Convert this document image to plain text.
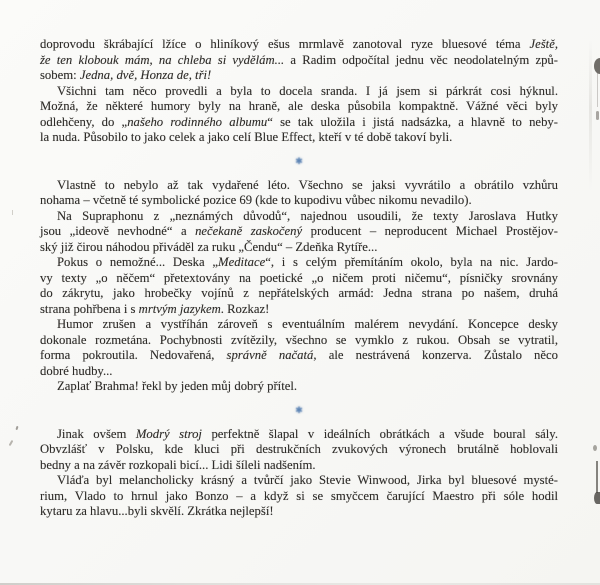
doprovodu škrábající lžíce o hliníkový ešus mrmlavě zanotoval ryze bluesové téma Ještě,
že ten klobouk mám, na chleba si vydělám... a Radim odpočítal jednu věc neodolatelným způ-
sobem: Jedna, dvě, Honza de, tři!

Všichni tam něco provedli a byla to docela sranda. I já jsem si párkrát cosi hýknul.
Možná, že některé humory byly na hraně, ale deska působila kompaktně. Vážné věci byly
odlehčeny, do „našeho rodinného albumu“ se tak uložila i jistá nadsázka, a hlavně to neby-
la nuda. Působilo to jako celek a jako celí Blue Effect, kteří v té době takoví byli.

✱

Vlastně to nebylo až tak vydařené léto. Všechno se jaksi vyvrátilo a obrátilo vzhůru
nohama – včetně té symbolické pozice 69 (kde to kupodivu vůbec nikomu nevadilo).

Na Supraphonu z „neznámých důvodů“, najednou usoudili, že texty Jaroslava Hutky
jsou „ideově nevhodné“ a nečekaně zaskočený producent – neproducent Michael Prostějov-
ský již čirou náhodou přiváděl za ruku „Čendu“ – Zdeňka Rytíře...

Pokus o nemožné... Deska „Meditace“, i s celým přemítáním okolo, byla na nic. Jardo-
vy texty „o něčem“ přetextovány na poetické „o ničem proti ničemu“, písničky srovnány
do zákrytu, jako hrobečky vojínů z nepřátelských armád: Jedna strana po našem, druhá
strana pohřbena i s mrtvým jazykem. Rozkaz!

Humor zrušen a vystříhán zároveň s eventuálním malérem nevydání. Koncepce desky
dokonale rozmetána. Pochybnosti zvítězily, všechno se vymklo z rukou. Obsah se vytratil,
forma pokroutila. Nedovařená, správně načatá, ale nestrávená konzerva. Zůstalo něco
dobré hudby...

Zaplať Brahma! řekl by jeden můj dobrý přítel.

✱

Jinak ovšem Modrý stroj perfektně šlapal v ideálních obrátkách a všude boural sály.
Obvzlášť v Polsku, kde kluci při destrukčních zvukových výronech brutálně hoblovali
bedny a na závěr rozkopali bicí... Lidi šíleli nadšením.

Vláďa byl melancholicky krásný a tvůrčí jako Stevie Winwood, Jirka byl bluesové mysté-
rium, Vlado to hrnul jako Bonzo – a když si se smyčcem čarující Maestro při sóle hodil
kytaru za hlavu...byli skvělí. Zkrátka nejlepší!
